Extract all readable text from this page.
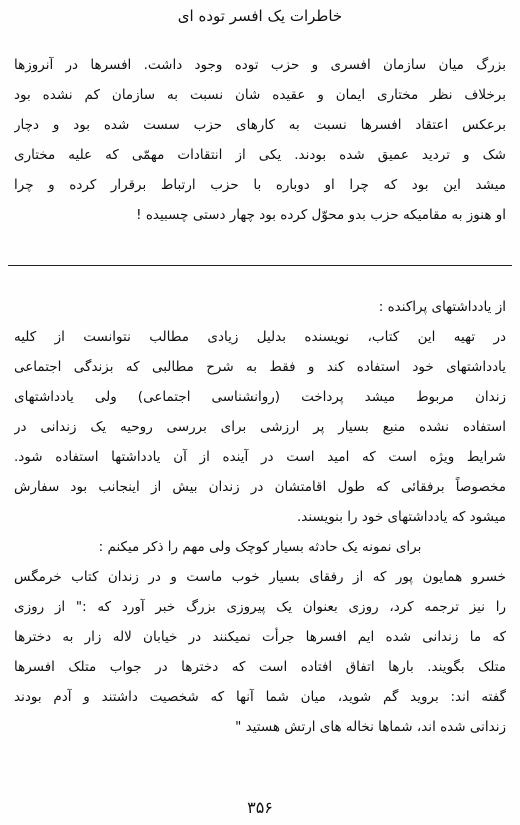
خاطرات یک افسر توده ای
بزرگ میان سازمان افسری و حزب توده وجود داشت. افسرها در آنروزها
برخلاف نظر مختاری ایمان و عقیده شان نسبت به سازمان کم نشده بود
برعکس اعتقاد افسرها نسبت به کارهای حزب سست شده بود و دچار
شک و تردید عمیق شده بودند. یکی از انتقادات مهمّی که علیه مختاری
میشد این بود که چرا او دوباره با حزب ارتباط برقرار کرده و چرا
او هنوز به مقامیکه حزب بدو محوّل کرده بود چهار دستی چسبیده !
از یادداشتهای پراکنده :
در تهیه این کتاب، نویسنده بدلیل زیادی مطالب نتوانست از کلیه
یادداشتهای خود استفاده کند و فقط به شرح مطالبی که بزندگی اجتماعی
زندان مربوط میشد پرداخت (روانشناسی اجتماعی) ولی یادداشتهای
استفاده نشده منبع بسیار پر ارزشی برای بررسی روحیه یک زندانی در
شرایط ویژه است که امید است در آینده از آن یادداشتها استفاده شود.
مخصوصاً برفقائی که طول اقامتشان در زندان بیش از اینجانب بود سفارش
میشود که یادداشتهای خود را بنویسند.
برای نمونه یک حادثه بسیار کوچک ولی مهم را ذکر میکنم :
خسرو همایون پور که از رفقای بسیار خوب ماست و در زندان کتاب خرمگس
را نیز ترجمه کرد، روزی بعنوان یک پیروزی بزرگ خبر آورد که :" از روزی
که ما زندانی شده ایم افسرها جرأت نمیکنند در خیابان لاله زار به دخترها
متلک بگویند. بارها اتفاق افتاده است که دخترها در جواب متلک افسرها
گفته اند: بروید گم شوید، میان شما آنها که شخصیت داشتند و آدم بودند
زندانی شده اند، شماها نخاله های ارتش هستید "
۳۵۶
